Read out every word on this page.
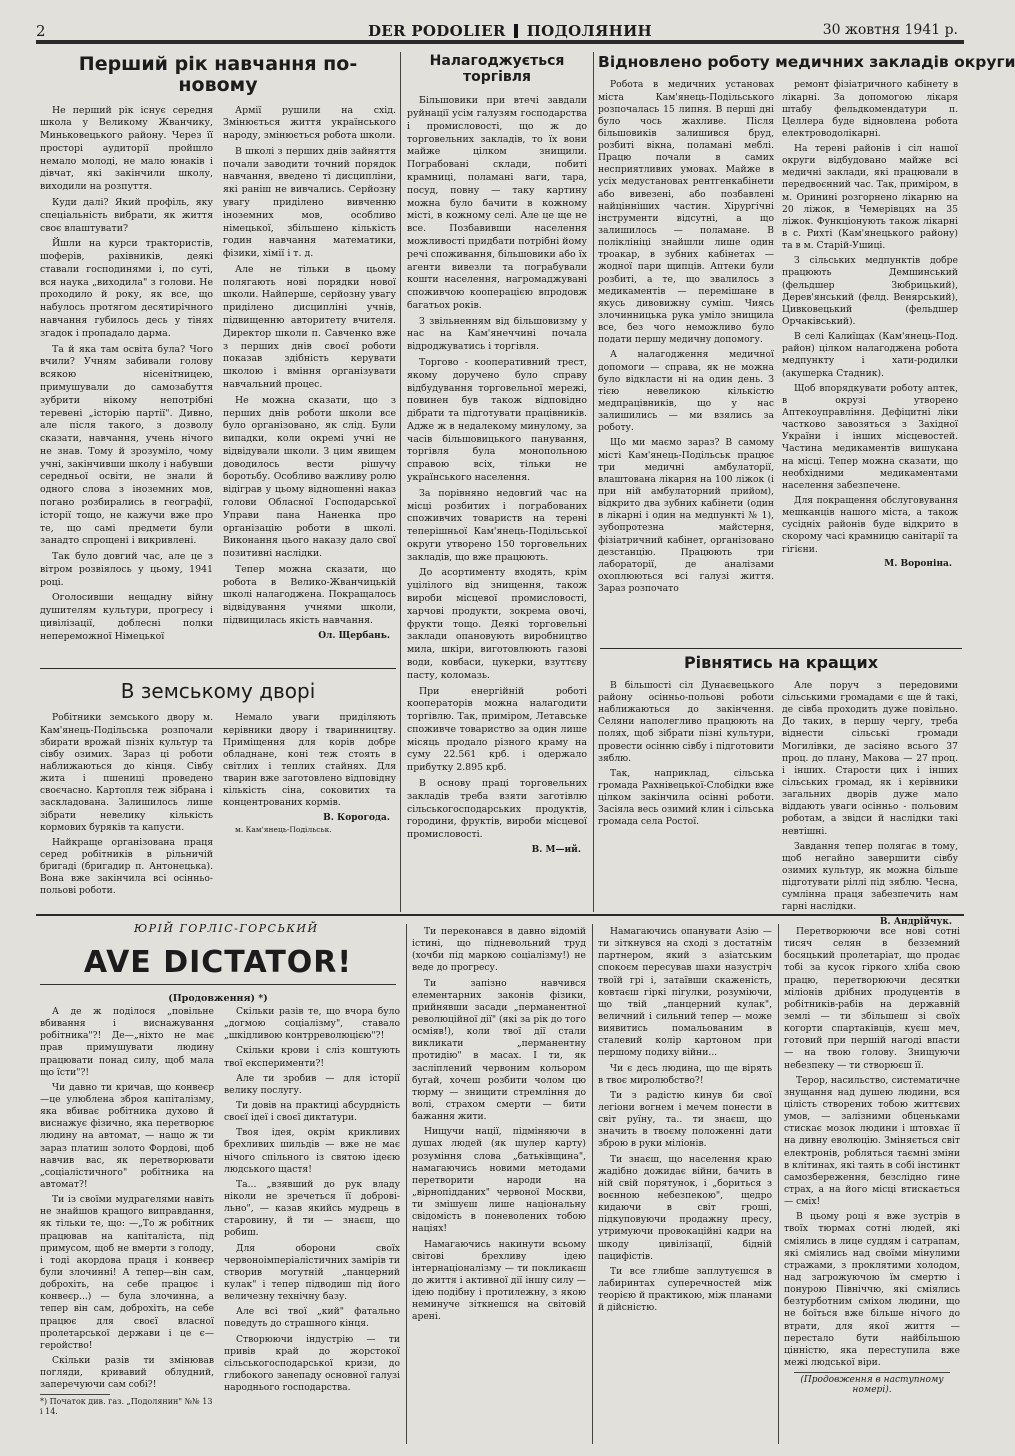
2	DER PODOLIER ПОДОЛЯНИН	30 жовтня 1941 р.
Перший рік навчання по-новому

Не перший рік існує середня школа у Великому Жванчику, Миньковецького району. Через її просторі аудиторії пройшло немало молоді, не мало юнаків і дівчат, які закінчили школу, виходили на розпуття.

Куди далі? Який профіль, яку спеціальність вибрати, як життя своє влаштувати?

Йшли на курси трактористів, шоферів, рахівників, деякі ставали господинями і, по суті, вся наука „виходила" з голови. Не проходило й року, як все, що набулось протягом десятирічного навчання губилось десь у тінях згадок і пропадало дарма.

Та й яка там освіта була? Чого вчили? Учням забивали голову всякою нісенітницею, примушували до самозабуття зубрити нікому непотрібні теревені „історію партії". Дивно, але після такого, з дозволу сказати, навчання, учень нічого не знав. Тому й зрозуміло, чому учні, закінчивши школу і набувши середньої освіти, не знали й одного слова з іноземних мов, погано розбирались в географії, історії тощо, не кажучи вже про те, що самі предмети були занадто спрощені і викривлені.

Так було довгий час, але це з вітром розвіялось у цьому, 1941 році.

Оголосивши нещадну війну душителям культури, прогресу і цивілізації, доблесні полки непереможної Німецької

Армії рушили на схід. Змінюється життя українського народу, змінюється робота школи.

В школі з перших днів зайняття почали заводити точний порядок навчання, введено ті дисципліни, які раніш не вивчались. Серйозну увагу приділено вивченню іноземних мов, особливо німецької, збільшено кількість годин навчання математики, фізики, хімії і т. д.

Але не тільки в цьому полягають нові порядки нової школи. Найперше, серйозну увагу приділено дисципліні учнів, підвищенню авторитету вчителя. Директор школи п. Савченко вже з перших днів своєї роботи показав здібність керувати школою і вміння організувати навчальний процес.

Не можна сказати, що з перших днів роботи школи все було організовано, як слід. Були випадки, коли окремі учні не відвідували школи. З цим явищем доводилось вести рішучу боротьбу. Особливо важливу ролю відіграв у цьому відношенні наказ голови Обласної Господарської Управи пана Наненка про організацію роботи в школі. Виконання цього наказу дало свої позитивні наслідки.

Тепер можна сказати, що робота в Велико-Жванчицькій школі налагоджена. Покращалось відвідування учнями школи, підвищилась якість навчання.

Ол. Щербань.
В земському дворі

Робітники земського двору м. Кам'янець-Подільська розпочали збирати врожай пізніх культур та сівбу озимих. Зараз ці роботи наближаються до кінця. Сівбу жита і пшениці проведено своєчасно. Картопля теж зібрана і заскладована. Залишилось лише зібрати невелику кількість кормових буряків та капусти.

Найкраще організована праця серед робітників в рільничій бригаді (бригадир п. Антонецька). Вона вже закінчила всі осінньо-польові роботи.

Немало уваги приділяють керівники двору і тваринництву. Приміщення для корів добре обладнане, коні теж стоять в світлих і теплих стайнях. Для тварин вже заготовлено відповідну кількість сіна, соковитих та концентрованих кормів.

В. Корогода.
м. Кам'янець-Подільськ.
Налагоджується торгівля

Більшовики при втечі завдали руйнації усім галузям господарства і промисловості, що ж до торговельних закладів, то їх вони майже цілком знищили. Пограбовані склади, побиті крамниці, поламані ваги, тара, посуд, повну — таку картину можна було бачити в кожному місті, в кожному селі. Але це ще не все. Позбавивши населення можливості придбати потрібні йому речі споживання, більшовики або їх агенти вивезли та пограбували кошти населення, нагромаджувані споживчою кооперацією впродовж багатьох років.

З звільненням від більшовизму у нас на Кам'янеччині почала відроджуватись і торгівля.

Торгово - кооперативний трест, якому доручено було справу відбудування торговельної мережі, повинен був також відповідно дібрати та підготувати працівників. Адже ж в недалекому минулому, за часів більшовицького панування, торгівля була монопольною справою всіх, тільки не українського населення.

За порівняно недовгий час на місці розбитих і пограбованих споживчих товариств на терені теперішньої Кам'янець-Подільської округи утворено 150 торговельних закладів, що вже працюють.

До асортименту входять, крім уцілілого від знищення, також вироби місцевої промисловості, харчові продукти, зокрема овочі, фрукти тощо. Деякі торговельні заклади опановують виробництво мила, шкіри, виготовлюють газові води, ковбаси, цукерки, взуттєву пасту, коломазь.

При енергійній роботі кооператорів можна налагодити торгівлю. Так, приміром, Летавське споживче товариство за один лише місяць продало різного краму на суму 22.561 крб. і одержало прибутку 2.895 крб.

В основу праці торговельних закладів треба взяти заготівлю сільськогосподарських продуктів, городини, фруктів, вироби місцевої промисловості.

В. М—ий.
Відновлено роботу медичних закладів округи

Робота в медичних установах міста Кам'янець-Подільського розпочалась 15 липня. В перші дні було чось жахливе. Після більшовиків залишився бруд, розбиті вікна, поламані меблі. Працю почали в самих несприятливих умовах. Майже в усіх медустановах рентгенкабінети або вивезені, або позбавлені найцінніших частин. Хірургічні інструменти відсутні, а що залишилось — поламане. В поліклініці знайшли лише один троакар, в зубних кабінетах — жодної пари щипців. Аптеки були розбиті, а те, що звалилось з медикаментів — перемішане в якусь дивовижну суміш. Чиясь злочинницька рука уміло знищила все, без чого неможливо було подати першу медичну допомогу.

А налагодження медичної допомоги — справа, як не можна було відкласти ні на один день. З тією невеликою кількістю медпрацівників, що у нас залишились — ми взялись за роботу.

Що ми маємо зараз? В самому місті Кам'янець-Подільськ працює три медичні амбулаторії, влаштована лікарня на 100 ліжок (і при ній амбулаторний прийом), відкрито два зубних кабінети (один в лікарні і один на медпункті № 1), зубопротезна майстерня, фізіатричний кабінет, організовано дезстанцію. Працюють три лабораторії, де аналізами охоплюються всі галузі життя. Зараз розпочато

ремонт фізіатричного кабінету в лікарні. За допомогою лікаря штабу фельдкомендатури п. Целлера буде відновлена робота електроводолікарні.

На терені районів і сіл нашої округи відбудовано майже всі медичні заклади, які працювали в передвоєнний час. Так, приміром, в м. Оринині розгорнено лікарню на 20 ліжок, в Чемерівцях на 35 ліжок. Функціонують також лікарні в с. Рихті (Кам'янецького району) та в м. Старій-Ушиці.

З сільських медпунктів добре працюють Демшинський (фельдшер Зюбрицький), Дерев'янський (фелд. Венярський), Цивковецький (фельдшер Орчаківський).

В селі Калиїщах (Кам'янець-Под. район) цілком налагоджена робота медпункту і хати-родилки (акушерка Стадник).

Щоб впорядкувати роботу аптек, в окрузі утворено Аптекоуправління. Дефіцитні ліки частково завозяться з Західної України і інших місцевостей. Частина медикаментів вишукана на місці. Тепер можна сказати, що необхідними медикаментами населення забезпечене.

Для покращення обслуговування мешканців нашого міста, а також сусідніх районів буде відкрито в скорому часі крамницю санітарії та гігієни.

М. Вороніна.
Рівнятись на кращих

В більшості сіл Дунаєвецького району осінньо-польові роботи наближаються до закінчення. Селяни наполегливо працюють на полях, щоб зібрати пізні культури, провести осінню сівбу і підготовити зяблю.

Так, наприклад, сільська громада Рахнівецької-Слобідки вже цілком закінчила осінні роботи. Засіяла весь озимий клин і сільська громада села Ростої.

Але поруч з передовими сільськими громадами є ще й такі, де сівба проходить дуже повільно. До таких, в першу чергу, треба віднести сільські громади Могилівки, де засіяно всього 37 проц. до плану, Макова — 27 проц. і інших. Старости цих і інших сільських громад, як і керівники загальних дворів дуже мало віддають уваги осінньо - польовим роботам, а звідси й наслідки такі невтішні.

Завдання тепер полягає в тому, щоб негайно завершити сівбу озимих культур, як можна більше підготувати ріллі під зяблю. Чесна, сумлінна праця забезпечить нам гарні наслідки.

В. Андрійчук.
ЮРІЙ ГОРЛІС-ГОРСЬКИЙ
AVE DICTATOR!
(Продовження) *)

А де ж поділося „повільне вбивання і виснажування робітника"?! Де—„ніхто не має прав примушувати людину працювати понад силу, щоб мала що їсти"?!

Чи давно ти кричав, що конвеєр—це улюблена зброя капіталізму, яка вбиває робітника духово й виснажує фізично, яка перетворює людину на автомат, — нащо ж ти зараз платиш золото Фордові, щоб навчив вас, як перетворювати „соціалістичного" робітника на автомат?!

Ти із своїми мудрагелями навіть не знайшов кращого виправдання, як тільки те, що: —„То ж робітник працював на капіталіста, під примусом, щоб не вмерти з голоду, і тоді акордова праця і конвеєр були злочинні! А тепер—він сам, доброхіть, на себе працює і конвеєр...) — була злочинна, а тепер він сам, доброхіть, на себе працює для своєї власної пролетарської держави і це є—геройство!

Скільки разів ти змінював погляди, кривавий облудний, заперечуючи сам собі?!

*) Початок див. газ. „Подолянин" №№ 13 і 14.

Скільки разів те, що вчора було „догмою соціалізму", ставало „шкідливою контрреволюцією"?!

Скільки крови і сліз коштують твої експерименти?!

Але ти зробив — для історії велику послугу.

Ти довів на практиці абсурдність своєї ідеї і своєї диктатури.

Твоя ідея, окрім крикливих брехливих шильдів — вже не має нічого спільного із святою ідеєю людського щастя!

Та... „взявший до рук владу ніколи не зречеться її добровільно", — казав якийсь мудрець в старовину, й ти — знаєш, що робиш.

Для оборони своїх червоноімперіалістичних замірів ти створив могутній „панцерний кулак" і тепер підводиш під його величезну технічну базу.

Але всі твої „кий" фатально поведуть до страшного кінця.

Створюючи індустрію — ти привів край до жорстокої сільськогосподарської кризи, до глибокого занепаду основної галузі народнього господарства.

Ти переконався в давно відомій істині, що підневольний труд (хочби під маркою соціалізму!) не веде до прогресу.

Ти запізно навчився елементарних законів фізики, прийнявши засади „перманентної революційної дії" (які за рік до того осміяв!), коли твої дії стали викликати „перманентну протидію" в масах. І ти, як засліплений червоним кольором бугай, хочеш розбити чолом цю тюрму — знищити стремління до волі, страхом смерти — бити бажання жити.

Нищучи нації, підміняючи в душах людей (як шулер карту) розуміння слова „батьківщина", намагаючись новими методами перетворити народи на „вірнопідданих" червоної Москви, ти змішуєш лише національну свідомість в поневолених тобою націях!

Намагаючись накинути всьому світові брехливу ідею інтернаціоналізму — ти покликаєш до життя і активної дії іншу силу — ідею подібну і протилежну, з якою неминуче зіткнешся на світовій арені.

Намагаючись опанувати Азію — ти зіткнувся на сході з достатнім партнером, який з азіатським спокоєм пересував шахи назустріч твоїй грі і, затаївши скаженість, ковтаєш гіркі пігулки, розуміючи, що твій „панцерний кулак", величний і сильний тепер — може виявитись помальованим в сталевий колір картоном при першому подиху війни...

Чи є десь людина, що ще вірять в твоє миролюбство?!

Ти з радістю кинув би свої легіони вогнем і мечем понести в світ руїну, та.. ти знаєш, що значить в твоєму положенні дати зброю в руки міліонів.

Ти знаєш, що населення краю жадібно дожидає війни, бачить в ній свій порятунок, і „бориться з воєнною небезпекою", щедро кидаючи в світ гроші, підкуповуючи продажну пресу, утримуючи провокаційні кадри на шкоду цивілізації, бідній пацифістів.

Ти все глибше заплутуєшся в лабиринтах суперечностей між теорією й практикою, між планами й дійсністю.

Перетворюючи все нові сотні тисяч селян в безземний босяцький пролетаріат, що продає тобі за кусок гіркого хліба свою працю, перетворюючи десятки міліонів дрібних продуцентів в робітників-рабів на державній землі — ти збільшеш зі своїх когорти спартаківців, куєш меч, готовий при першій нагоді впасти — на твою голову. Знищуючи небезпеку — ти створюєш її.

Терор, насильство, систематичне знущання над душею людини, вся цілість створених тобою життєвих умов, — залізними обценьками стискає мозок людини і штовхає її на дивну еволюцію. Зміняється світ електронів, робляться таємні зміни в клітинах, які таять в собі інстинкт самозбереження, безслідно гине страх, а на його місці втискається — сміх!

В цьому році я вже зустрів в твоїх тюрмах сотні людей, які сміялись в лице суддям і сатрапам, які сміялись над своїми мінулими стражами, з проклятими холодом, над загрожуючою їм смертю і понурою Північчю, які сміялись безтурботним сміхом людини, що не боїться вже більше нічого до втрати, для якої життя — перестало бути найбільшою цінністю, яка переступила вже межі людської віри.

(Продовження в наступному номері).
